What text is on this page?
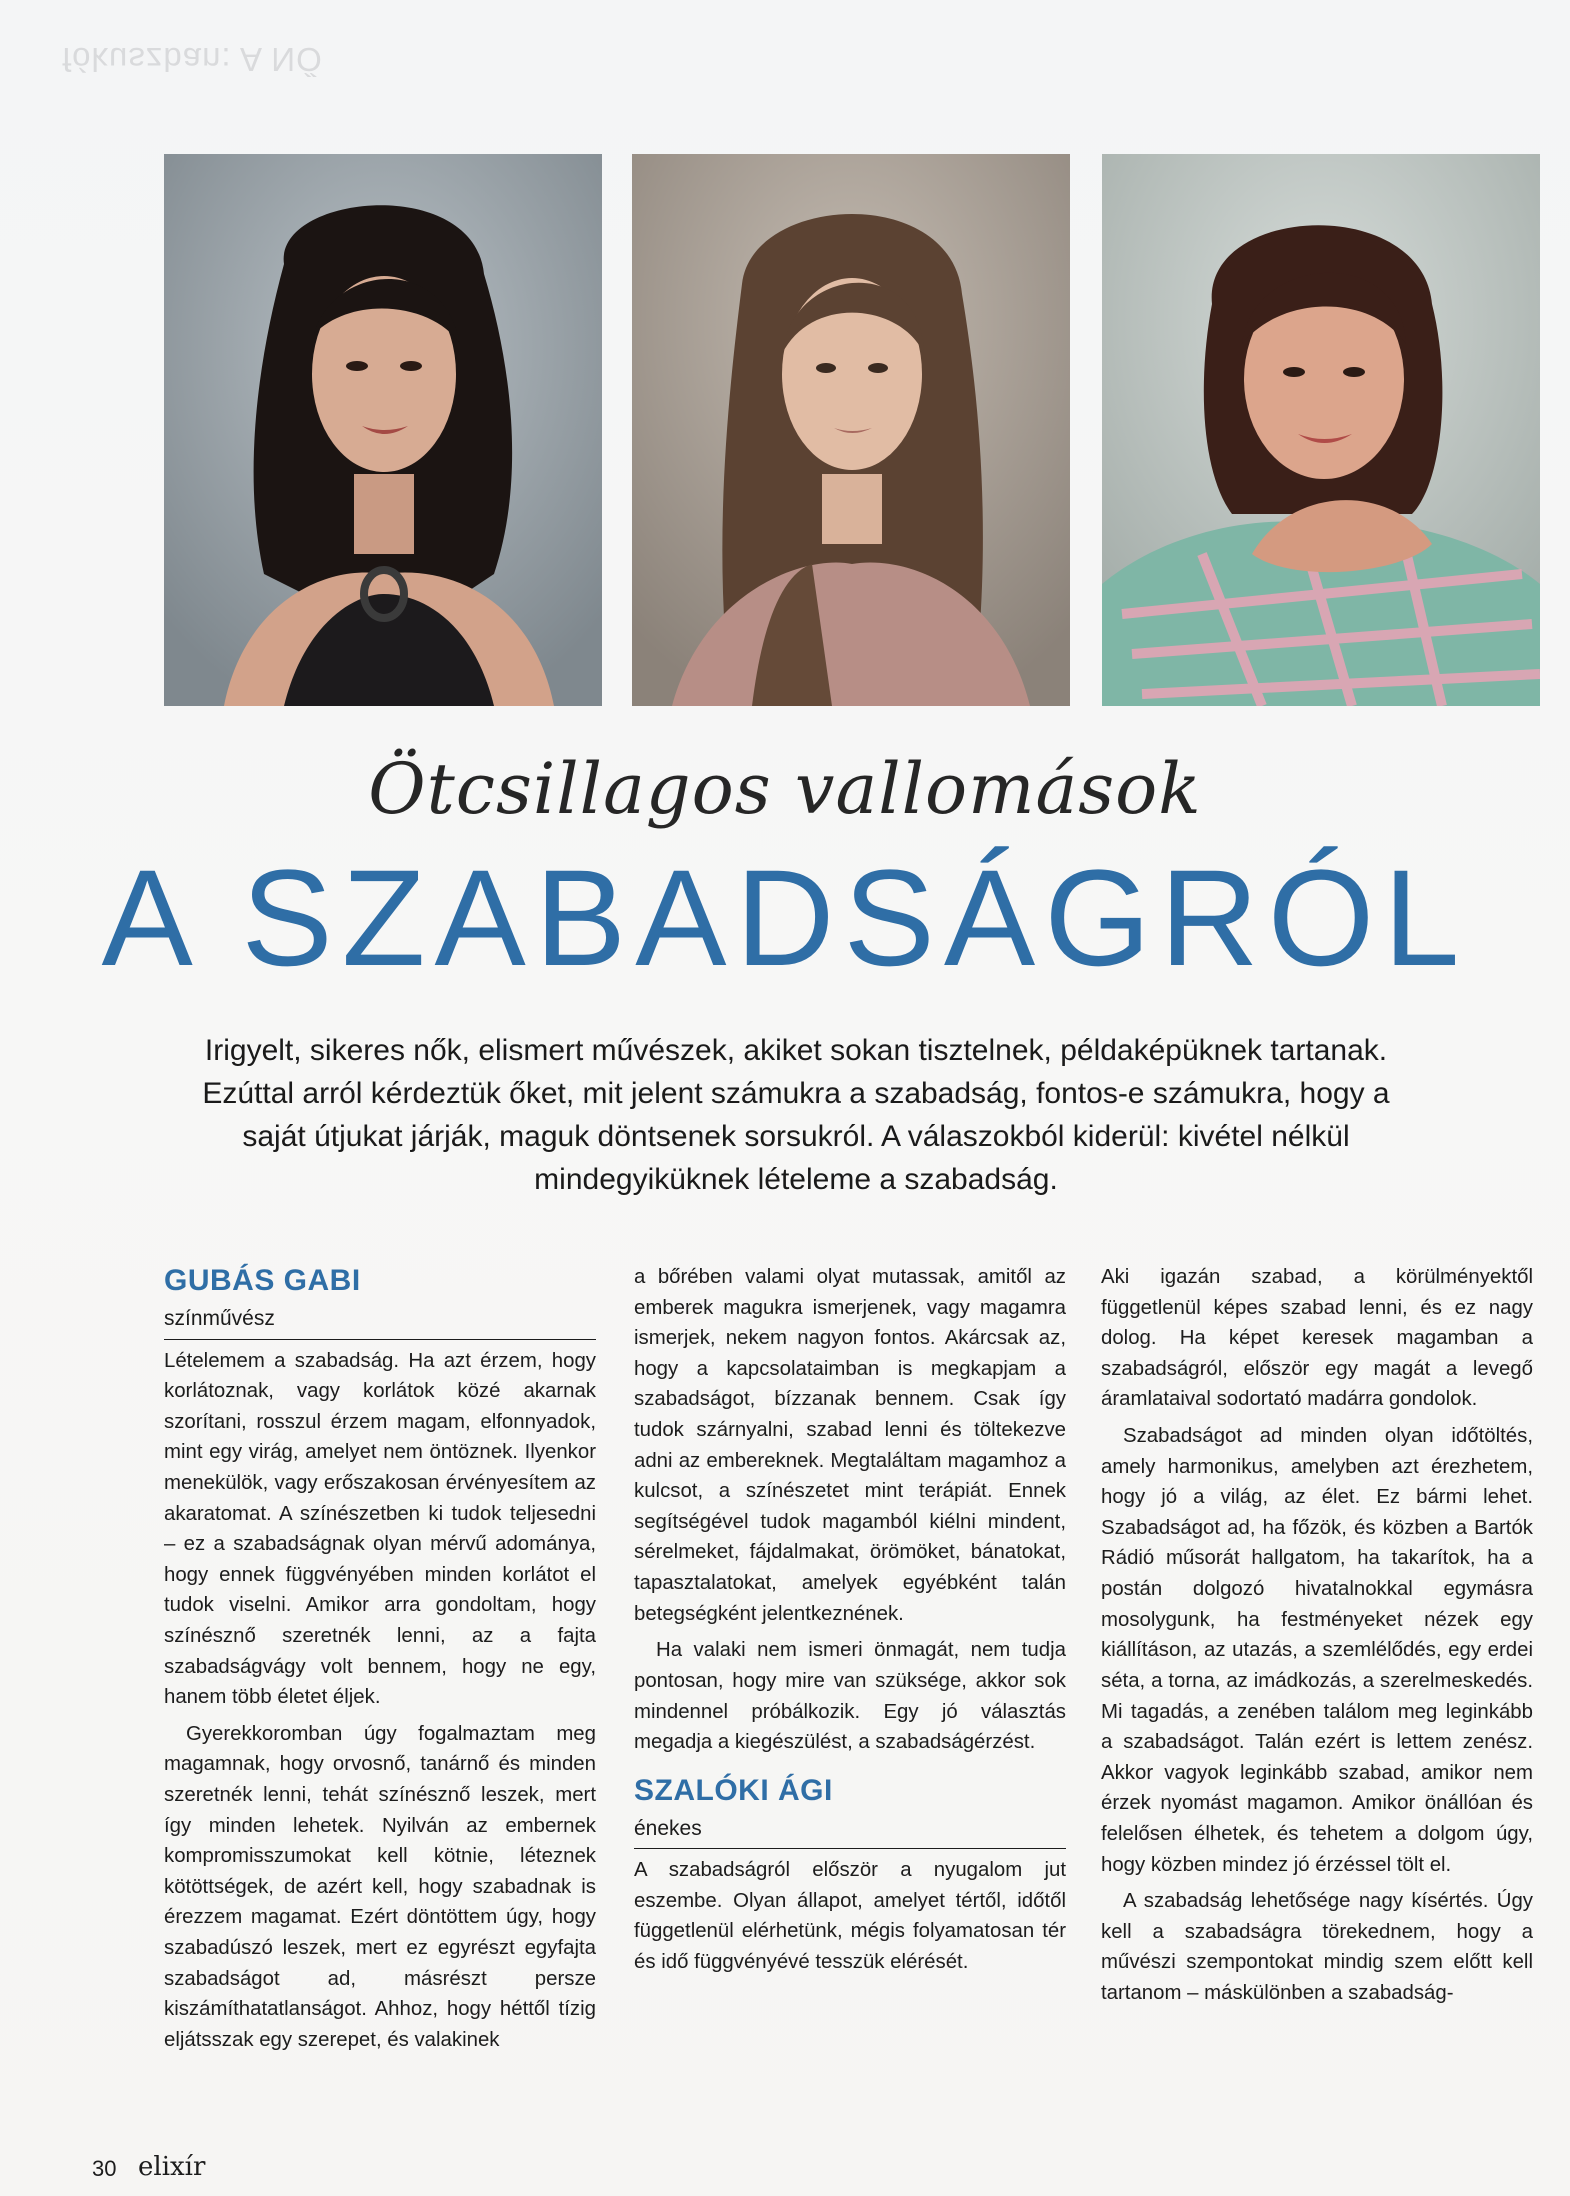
fókuszban: A NŐ
Ötcsillagos vallomások
A SZABADSÁGRÓL

Irigyelt, sikeres nők, elismert művészek, akiket sokan tisztelnek, példaképüknek tartanak. Ezúttal arról kérdeztük őket, mit jelent számukra a szabadság, fontos-e számukra, hogy a saját útjukat járják, maguk döntsenek sorsukról. A válaszokból kiderül: kivétel nélkül mindegyiküknek lételeme a szabadság.

GUBÁS GABI
színművész

Lételemem a szabadság. Ha azt érzem, hogy korlátoznak, vagy korlátok közé akarnak szorítani, rosszul érzem magam, elfonnyadok, mint egy virág, amelyet nem öntöznek. Ilyenkor menekülök, vagy erőszakosan érvényesítem az akaratomat. A színészetben ki tudok teljesedni – ez a szabadságnak olyan mérvű adománya, hogy ennek függvényében minden korlátot el tudok viselni. Amikor arra gondoltam, hogy színésznő szeretnék lenni, az a fajta szabadságvágy volt bennem, hogy ne egy, hanem több életet éljek.

Gyerekkoromban úgy fogalmaztam meg magamnak, hogy orvosnő, tanárnő és minden szeretnék lenni, tehát színésznő leszek, mert így minden lehetek. Nyilván az embernek kompromisszumokat kell kötnie, léteznek kötöttségek, de azért kell, hogy szabadnak is érezzem magamat. Ezért döntöttem úgy, hogy szabadúszó leszek, mert ez egyrészt egyfajta szabadságot ad, másrészt persze kiszámíthatatlanságot. Ahhoz, hogy héttől tízig eljátsszak egy szerepet, és valakinek

a bőrében valami olyat mutassak, amitől az emberek magukra ismerjenek, vagy magamra ismerjek, nekem nagyon fontos. Akárcsak az, hogy a kapcsolataimban is megkapjam a szabadságot, bízzanak bennem. Csak így tudok szárnyalni, szabad lenni és töltekezve adni az embereknek. Megtaláltam magamhoz a kulcsot, a színészetet mint terápiát. Ennek segítségével tudok magamból kiélni mindent, sérelmeket, fájdalmakat, örömöket, bánatokat, tapasztalatokat, amelyek egyébként talán betegségként jelentkeznének.

Ha valaki nem ismeri önmagát, nem tudja pontosan, hogy mire van szüksége, akkor sok mindennel próbálkozik. Egy jó választás megadja a kiegészülést, a szabadságérzést.

SZALÓKI ÁGI
énekes

A szabadságról először a nyugalom jut eszembe. Olyan állapot, amelyet tértől, időtől függetlenül elérhetünk, mégis folyamatosan tér és idő függvényévé tesszük elérését.

Aki igazán szabad, a körülményektől függetlenül képes szabad lenni, és ez nagy dolog. Ha képet keresek magamban a szabadságról, először egy magát a levegő áramlataival sodortató madárra gondolok.

Szabadságot ad minden olyan időtöltés, amely harmonikus, amelyben azt érezhetem, hogy jó a világ, az élet. Ez bármi lehet. Szabadságot ad, ha főzök, és közben a Bartók Rádió műsorát hallgatom, ha takarítok, ha a postán dolgozó hivatalnokkal egymásra mosolygunk, ha festményeket nézek egy kiállításon, az utazás, a szemlélődés, egy erdei séta, a torna, az imádkozás, a szerelmeskedés. Mi tagadás, a zenében találom meg leginkább a szabadságot. Talán ezért is lettem zenész. Akkor vagyok leginkább szabad, amikor nem érzek nyomást magamon. Amikor önállóan és felelősen élhetek, és tehetem a dolgom úgy, hogy közben mindez jó érzéssel tölt el.

A szabadság lehetősége nagy kísértés. Úgy kell a szabadságra törekednem, hogy a művészi szempontokat mindig szem előtt kell tartanom – máskülönben a szabadság-

30 elixír
